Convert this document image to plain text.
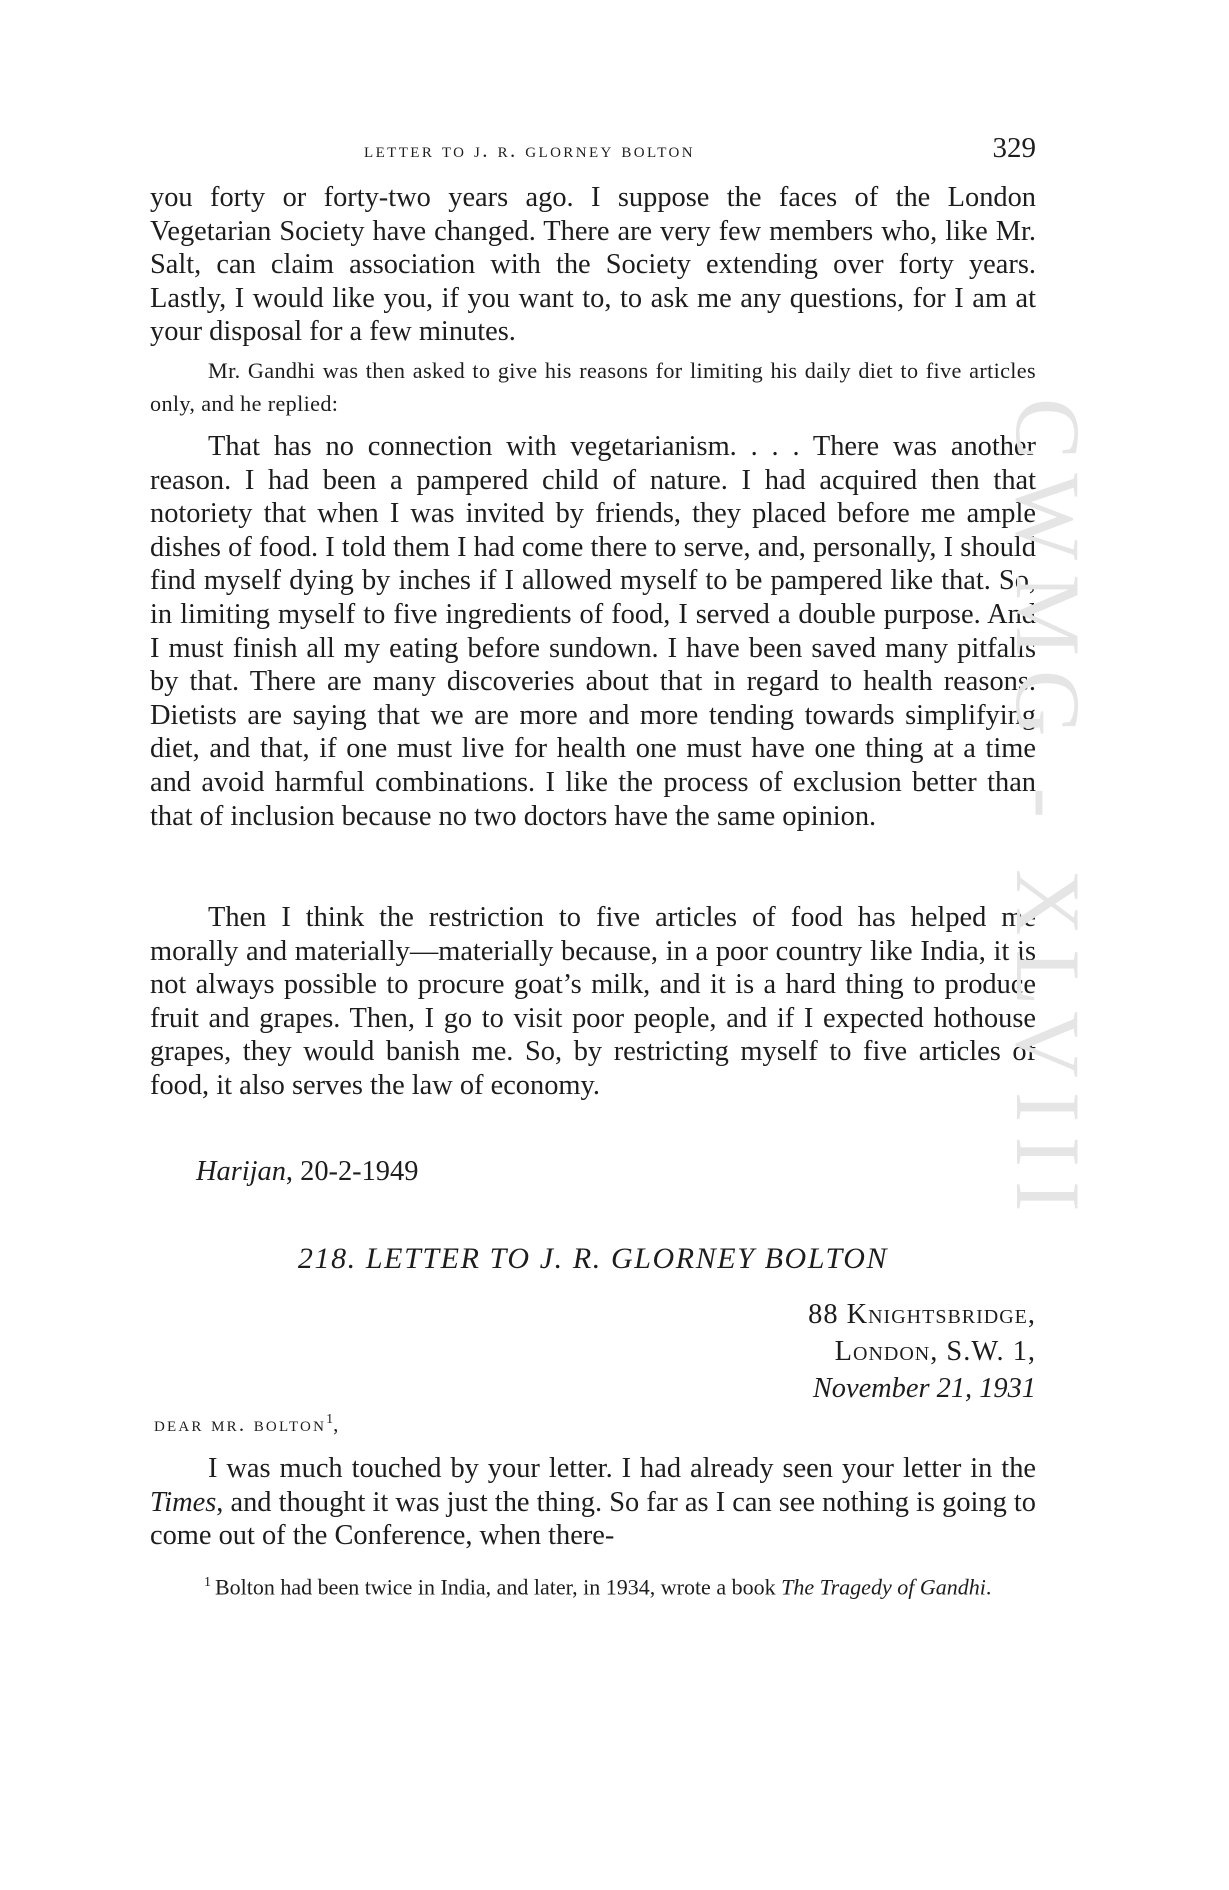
letter to j. r. glorney bolton	329

you forty or forty-two years ago. I suppose the faces of the London Vegetarian Society have changed. There are very few members who, like Mr. Salt, can claim association with the Society extending over forty years. Lastly, I would like you, if you want to, to ask me any questions, for I am at your disposal for a few minutes.

Mr. Gandhi was then asked to give his reasons for limiting his daily diet to five articles only, and he replied:

That has no connection with vegetarianism. . . . There was another reason. I had been a pampered child of nature. I had acquired then that notoriety that when I was invited by friends, they placed before me ample dishes of food. I told them I had come there to serve, and, personally, I should find myself dying by inches if I allowed myself to be pampered like that. So, in limiting myself to five ingredients of food, I served a double purpose. And I must finish all my eating before sundown. I have been saved many pitfalls by that. There are many discoveries about that in regard to health reasons. Dietists are saying that we are more and more tending towards simplifying diet, and that, if one must live for health one must have one thing at a time and avoid harmful combinations. I like the process of exclusion better than that of inclusion because no two doctors have the same opinion.

Then I think the restriction to five articles of food has helped me morally and materially—materially because, in a poor country like India, it is not always possible to procure goat’s milk, and it is a hard thing to produce fruit and grapes. Then, I go to visit poor people, and if I expected hothouse grapes, they would banish me. So, by restricting myself to five articles of food, it also serves the law of economy.

Harijan, 20-2-1949
218. LETTER TO J. R. GLORNEY BOLTON
88 Knightsbridge,
London, S.W. 1,
November 21, 1931
dear mr. bolton$^1$,

I was much touched by your letter. I had already seen your letter in the Times, and thought it was just the thing. So far as I can see nothing is going to come out of the Conference, when there-

$^1$ Bolton had been twice in India, and later, in 1934, wrote a book The Tragedy of Gandhi.

CWMG - XLVIII
